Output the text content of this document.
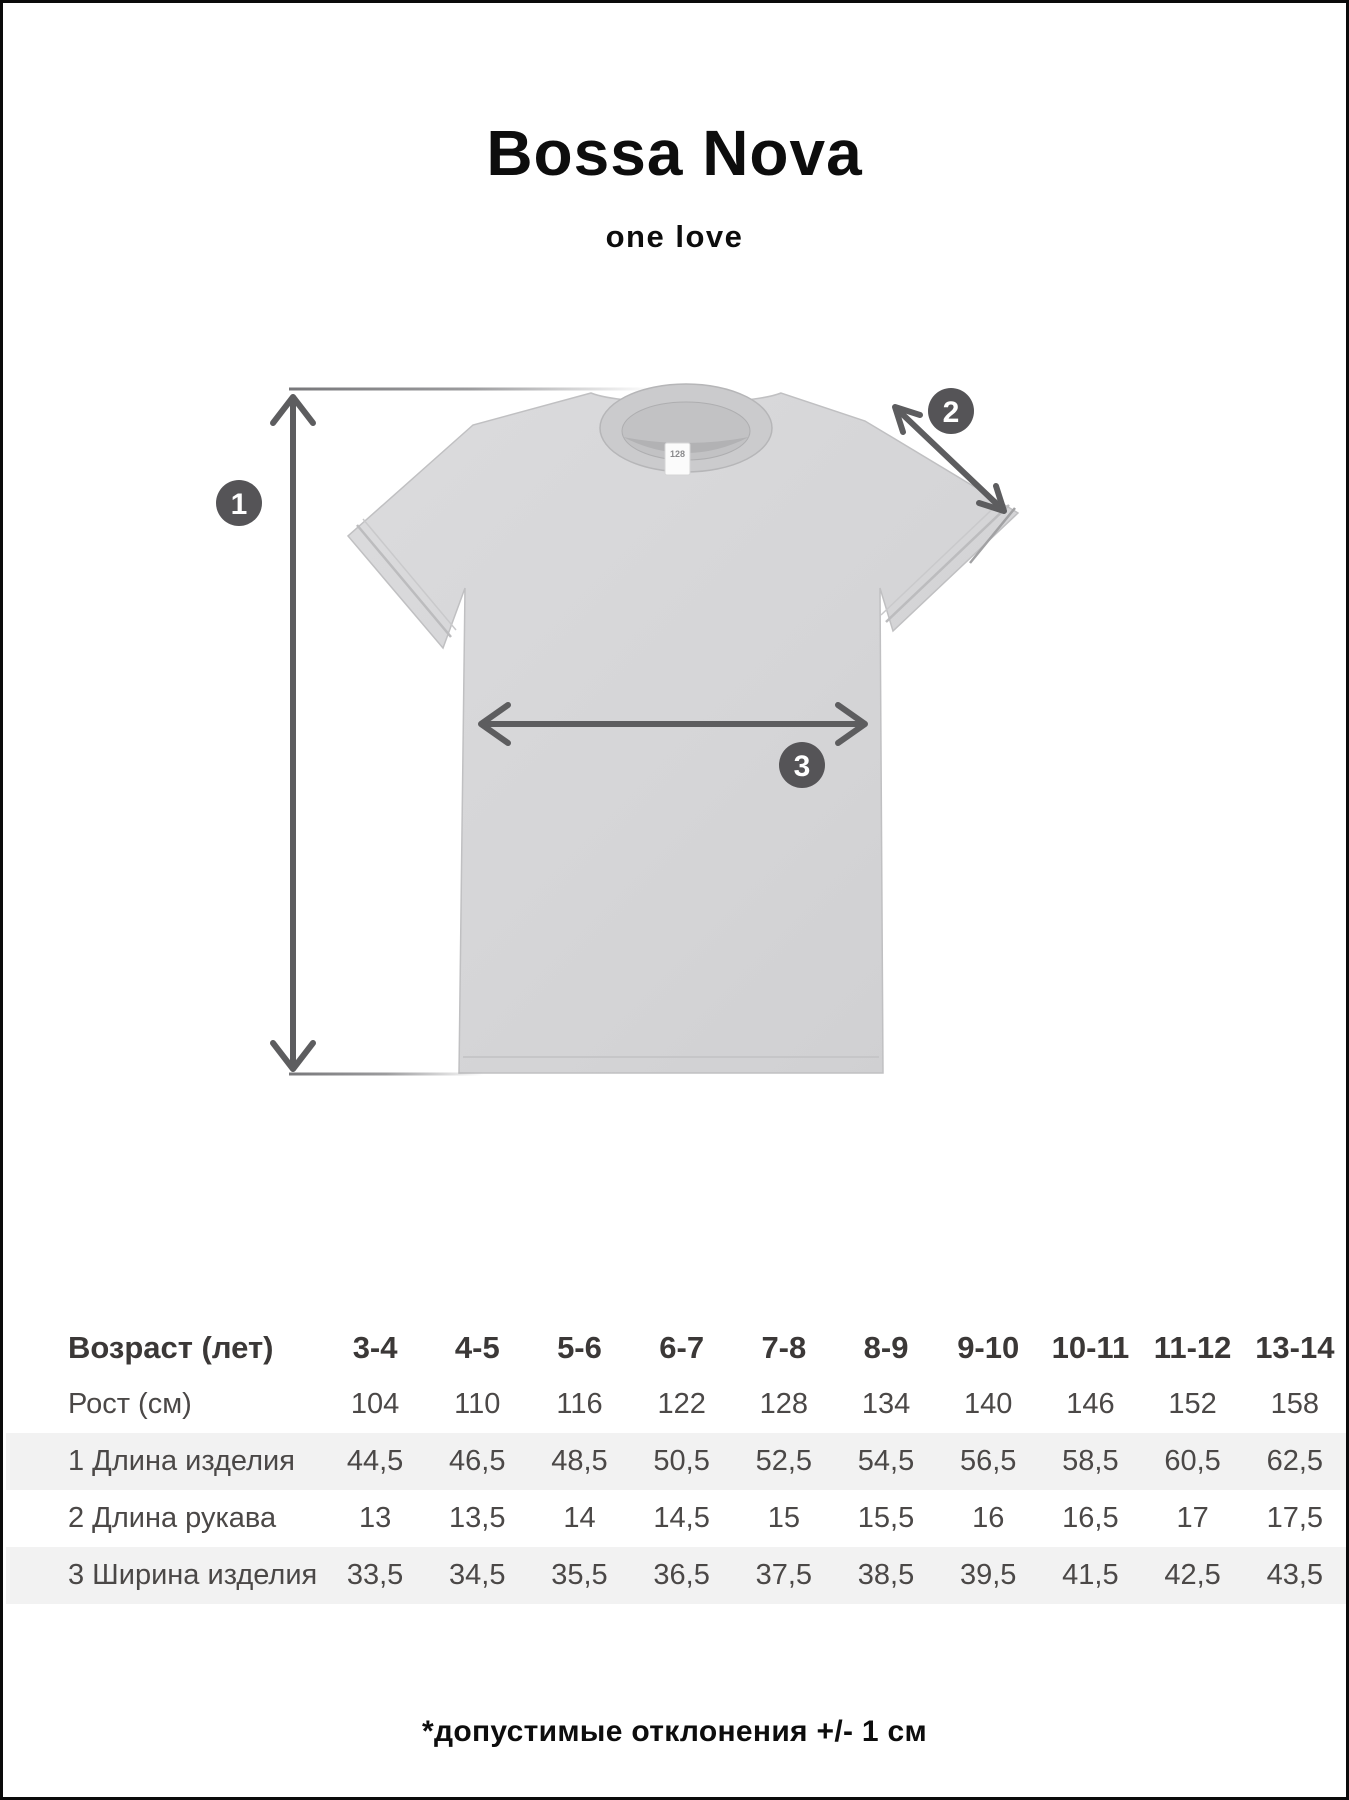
Bossa Nova
one love
128
1
2
3
Возраст (лет)	3-4	4-5	5-6	6-7	7-8	8-9	9-10	10-11	11-12	13-14
Рост (см)	104	110	116	122	128	134	140	146	152	158
1 Длина изделия	44,5	46,5	48,5	50,5	52,5	54,5	56,5	58,5	60,5	62,5
2 Длина рукава	13	13,5	14	14,5	15	15,5	16	16,5	17	17,5
3 Ширина изделия	33,5	34,5	35,5	36,5	37,5	38,5	39,5	41,5	42,5	43,5
*допустимые отклонения +/- 1 см
